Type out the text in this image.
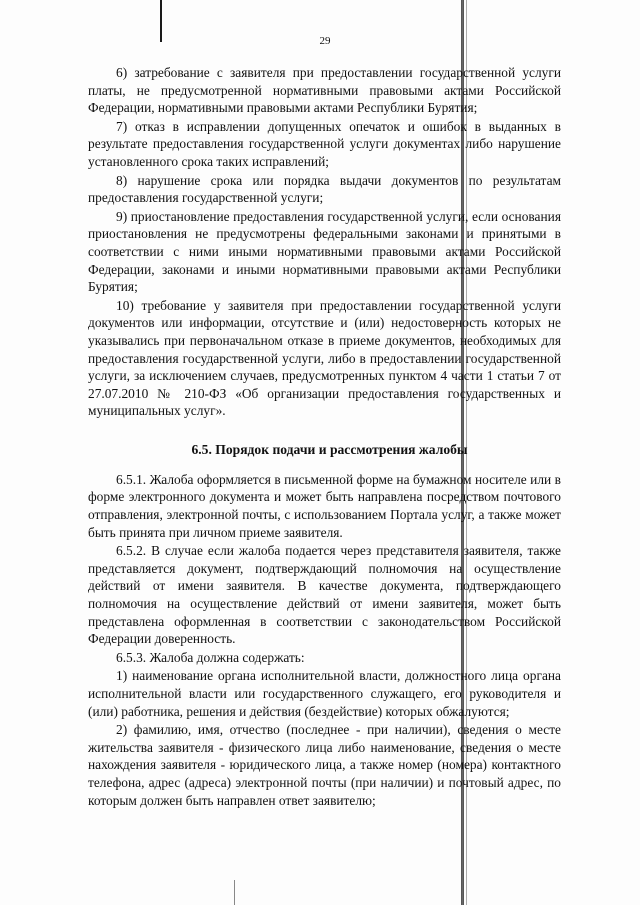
29

6) затребование с заявителя при предоставлении государственной услуги платы, не предусмотренной нормативными правовыми актами Российской Федерации, нормативными правовыми актами Республики Бурятия;

7) отказ в исправлении допущенных опечаток и ошибок в выданных в результате предоставления государственной услуги документах либо нарушение установленного срока таких исправлений;

8) нарушение срока или порядка выдачи документов по результатам предоставления государственной услуги;

9) приостановление предоставления государственной услуги, если основания приостановления не предусмотрены федеральными законами и принятыми в соответствии с ними иными нормативными правовыми актами Российской Федерации, законами и иными нормативными правовыми актами Республики Бурятия;

10) требование у заявителя при предоставлении государственной услуги документов или информации, отсутствие и (или) недостоверность которых не указывались при первоначальном отказе в приеме документов, необходимых для предоставления государственной услуги, либо в предоставлении государственной услуги, за исключением случаев, предусмотренных пунктом 4 части 1 статьи 7 от 27.07.2010 № 210-ФЗ «Об организации предоставления государственных и муниципальных услуг».

6.5. Порядок подачи и рассмотрения жалобы

6.5.1. Жалоба оформляется в письменной форме на бумажном носителе или в форме электронного документа и может быть направлена посредством почтового отправления, электронной почты, с использованием Портала услуг, а также может быть принята при личном приеме заявителя.

6.5.2. В случае если жалоба подается через представителя заявителя, также представляется документ, подтверждающий полномочия на осуществление действий от имени заявителя. В качестве документа, подтверждающего полномочия на осуществление действий от имени заявителя, может быть представлена оформленная в соответствии с законодательством Российской Федерации доверенность.

6.5.3. Жалоба должна содержать:

1) наименование органа исполнительной власти, должностного лица органа исполнительной власти или государственного служащего, его руководителя и (или) работника, решения и действия (бездействие) которых обжалуются;

2) фамилию, имя, отчество (последнее - при наличии), сведения о месте жительства заявителя - физического лица либо наименование, сведения о месте нахождения заявителя - юридического лица, а также номер (номера) контактного телефона, адрес (адреса) электронной почты (при наличии) и почтовый адрес, по которым должен быть направлен ответ заявителю;
